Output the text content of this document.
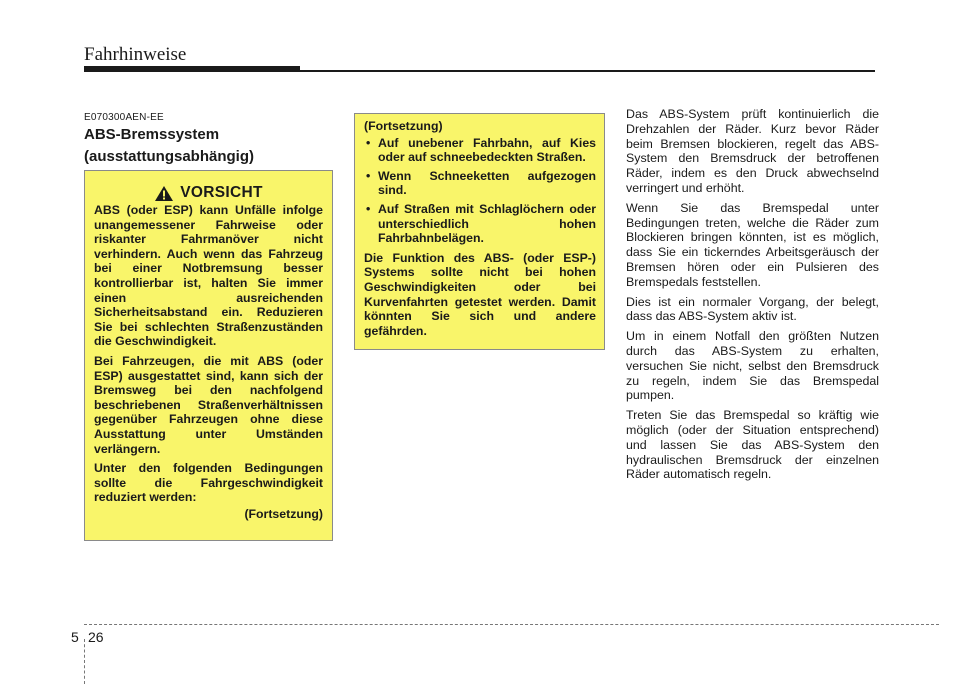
Fahrhinweise
E070300AEN-EE
ABS-Bremssystem
(ausstattungsabhängig)
VORSICHT

ABS (oder ESP) kann Unfälle infolge unangemessener Fahrweise oder riskanter Fahrmanöver nicht verhindern. Auch wenn das Fahrzeug bei einer Notbremsung besser kontrollierbar ist, halten Sie immer einen ausreichenden Sicherheitsabstand ein. Reduzieren Sie bei schlechten Straßenzuständen die Geschwindigkeit.

Bei Fahrzeugen, die mit ABS (oder ESP) ausgestattet sind, kann sich der Bremsweg bei den nachfolgend beschriebenen Straßenverhältnissen gegenüber Fahrzeugen ohne diese Ausstattung unter Umständen verlängern.

Unter den folgenden Bedingungen sollte die Fahrgeschwindigkeit reduziert werden:

(Fortsetzung)
(Fortsetzung)
• Auf unebener Fahrbahn, auf Kies oder auf schneebedeckten Straßen.
• Wenn Schneeketten aufgezogen sind.
• Auf Straßen mit Schlaglöchern oder unterschiedlich hohen Fahrbahnbelägen.

Die Funktion des ABS- (oder ESP-) Systems sollte nicht bei hohen Geschwindigkeiten oder bei Kurvenfahrten getestet werden. Damit könnten Sie sich und andere gefährden.

Das ABS-System prüft kontinuierlich die Drehzahlen der Räder. Kurz bevor Räder beim Bremsen blockieren, regelt das ABS-System den Bremsdruck der betroffenen Räder, indem es den Druck abwechselnd verringert und erhöht.

Wenn Sie das Bremspedal unter Bedingungen treten, welche die Räder zum Blockieren bringen könnten, ist es möglich, dass Sie ein tickerndes Arbeitsgeräusch der Bremsen hören oder ein Pulsieren des Bremspedals feststellen.

Dies ist ein normaler Vorgang, der belegt, dass das ABS-System aktiv ist.

Um in einem Notfall den größten Nutzen durch das ABS-System zu erhalten, versuchen Sie nicht, selbst den Bremsdruck zu regeln, indem Sie das Bremspedal pumpen.

Treten Sie das Bremspedal so kräftig wie möglich (oder der Situation entsprechend) und lassen Sie das ABS-System den hydraulischen Bremsdruck der einzelnen Räder automatisch regeln.

5 26
